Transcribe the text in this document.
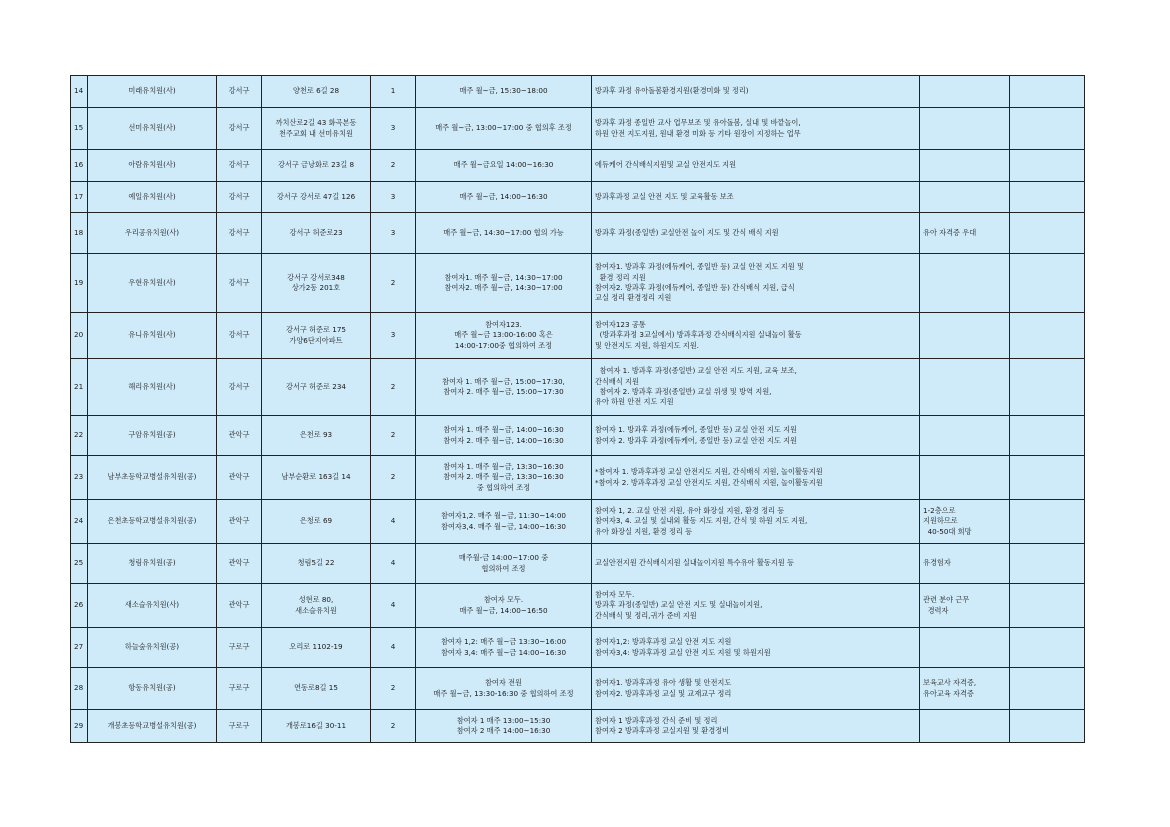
14	미래유치원(사)	강서구	양천로 6길 28	1	매주 월~금, 15:30~18:00	방과후 과정 유아돌봄환경지원(환경미화 및 정리)		

15	선미유치원(사)	강서구	까치산로2길 43 화곡본동
천주교회 내 선미유치원	3	매주 월~금, 13:00~17:00 중 협의후 조정	방과후 과정 종일반 교사 업무보조 및 유아돌봄, 실내 및 바깥놀이,
하원 안전 지도지원, 원내 환경 미화 등 기타 원장이 지정하는 업무		

16	아람유치원(사)	강서구	강서구 금낭화로 23길 8	2	매주 월~금요일 14:00~16:30	에듀케어 간식배식지원및 교실 안전지도 지원		

17	예일유치원(사)	강서구	강서구 강서로 47길 126	3	매주 월~금, 14:00~16:30	방과후과정 교실 안전 지도 및 교육활동 보조		

18	우리공유치원(사)	강서구	강서구 허준로23	3	매주 월~금, 14:30~17:00 협의 가능	방과후 과정(종일반) 교실안전 놀이 지도 및 간식 배식 지원	유아 자격증 우대	

19	우현유치원(사)	강서구	강서구 강서로348
상가2동 201호	2	참여자1. 매주 월~금, 14:30~17:00
참여자2. 매주 월~금, 14:30~17:00	참여자1. 방과후 과정(에듀케어, 종일반 등) 교실 안전 지도 지원 및
환경 정리 지원
참여자2. 방과후 과정(에듀케어, 종일반 등) 간식배식 지원, 급식
교실 정리 환경정리 지원		

20	유니유치원(사)	강서구	강서구 허준로 175
가양6단지아파트	3	참여자123.
매주 월~금 13:00-16:00 혹은
14:00-17:00중 협의하여 조정	참여자123 공통
(방과후과정 3교실에서) 방과후과정 간식배식지원 실내놀이 활동
및 안전지도 지원, 하원지도 지원.		

21	해리유치원(사)	강서구	강서구 허준로 234	2	참여자 1. 매주 월~금, 15:00~17:30,
참여자 2. 매주 월~금, 15:00~17:30	참여자 1. 방과후 과정(종일반) 교실 안전 지도 지원, 교육 보조,
간식배식 지원
참여자 2. 방과후 과정(종일반) 교실 위생 및 방역 지원,
유아 하원 안전 지도 지원		

22	구암유치원(공)	관악구	은천로 93	2	참여자 1. 매주 월~금, 14:00~16:30
참여자 2. 매주 월~금, 14:00~16:30	참여자 1. 방과후 과정(에듀케어, 종일반 등) 교실 안전 지도 지원
참여자 2. 방과후 과정(에듀케어, 종일반 등) 교실 안전 지도 지원		

23	남부초등학교병설유치원(공)	관악구	남부순환로 163길 14	2	참여자 1. 매주 월~금, 13:30~16:30
참여자 2. 매주 월~금, 13:30~16:30
중 협의하여 조정	*참여자 1. 방과후과정 교실 안전지도 지원, 간식배식 지원, 놀이활동지원
*참여자 2. 방과후과정 교실 안전지도 지원, 간식배식 지원, 놀이활동지원		

24	은천초등학교병설유치원(공)	관악구	은청로 69	4	참여자1,2. 매주 월~금, 11:30~14:00
참여자3,4. 매주 월~금, 14:00~16:30	참여자 1, 2. 교실 안전 지원, 유아 화장실 지원, 환경 정리 등
참여자3, 4. 교실 및 실내외 활동 지도 지원, 간식 및 하원 지도 지원,
유아 화장실 지원, 환경 정리 등	1-2층으로
지원하므로
40-50대 희망	

25	청림유치원(공)	관악구	청림5길 22	4	매주월-금 14:00~17:00 중
협의하여 조정	교실안전지원 간식배식지원 실내놀이지원 특수유아 활동지원 등	유경험자	

26	새소슬유치원(사)	관악구	성현로 80,
새소슬유치원	4	참여자 모두.
매주 월~금, 14:00~16:50	참여자 모두.
방과후 과정(종일반) 교실 안전 지도 및 실내놀이지원,
간식배식 및 정리,귀가 준비 지원	관련 분야 근무
경력자	

27	하늘숲유치원(공)	구로구	오리로 1102-19	4	참여자 1,2: 매주 월~금 13:30~16:00
참여자 3,4: 매주 월~금 14:00~16:30	참여자1,2: 방과후과정 교실 안전 지도 지원
참여자3,4: 방과후과정 교실 안전 지도 지원 및 하원지원		

28	항동유치원(공)	구로구	연동로8길 15	2	참여자 전원
매주 월~금, 13:30-16:30 중 협의하여 조정	참여자1. 방과후과정 유아 생활 및 안전지도
참여자2. 방과후과정 교실 및 교재교구 정리	보육교사 자격증,
유아교육 자격증	

29	개봉초등학교병설유치원(공)	구로구	개봉로16길 30-11	2	참여자 1 매주 13:00~15:30
참여자 2 매주 14:00~16:30	참여자 1 방과후과정 간식 준비 및 정리
참여자 2 방과후과정 교실지원 및 환경정비		
